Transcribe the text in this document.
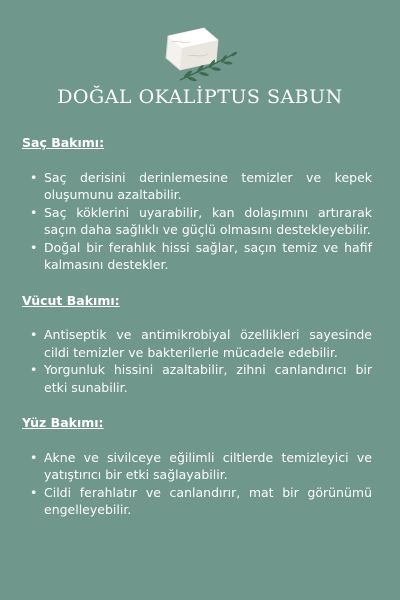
DOĞAL OKALİPTUS SABUN
Saç Bakımı:
• Saç derisini derinlemesine temizler ve kepek oluşumunu azaltabilir.
• Saç köklerini uyarabilir, kan dolaşımını artırarak saçın daha sağlıklı ve güçlü olmasını destekleyebilir.
• Doğal bir ferahlık hissi sağlar, saçın temiz ve hafif kalmasını destekler.
Vücut Bakımı:
• Antiseptik ve antimikrobiyal özellikleri sayesinde cildi temizler ve bakterilerle mücadele edebilir.
• Yorgunluk hissini azaltabilir, zihni canlandırıcı bir etki sunabilir.
Yüz Bakımı:
• Akne ve sivilceye eğilimli ciltlerde temizleyici ve yatıştırıcı bir etki sağlayabilir.
• Cildi ferahlatır ve canlandırır, mat bir görünümü engelleyebilir.
